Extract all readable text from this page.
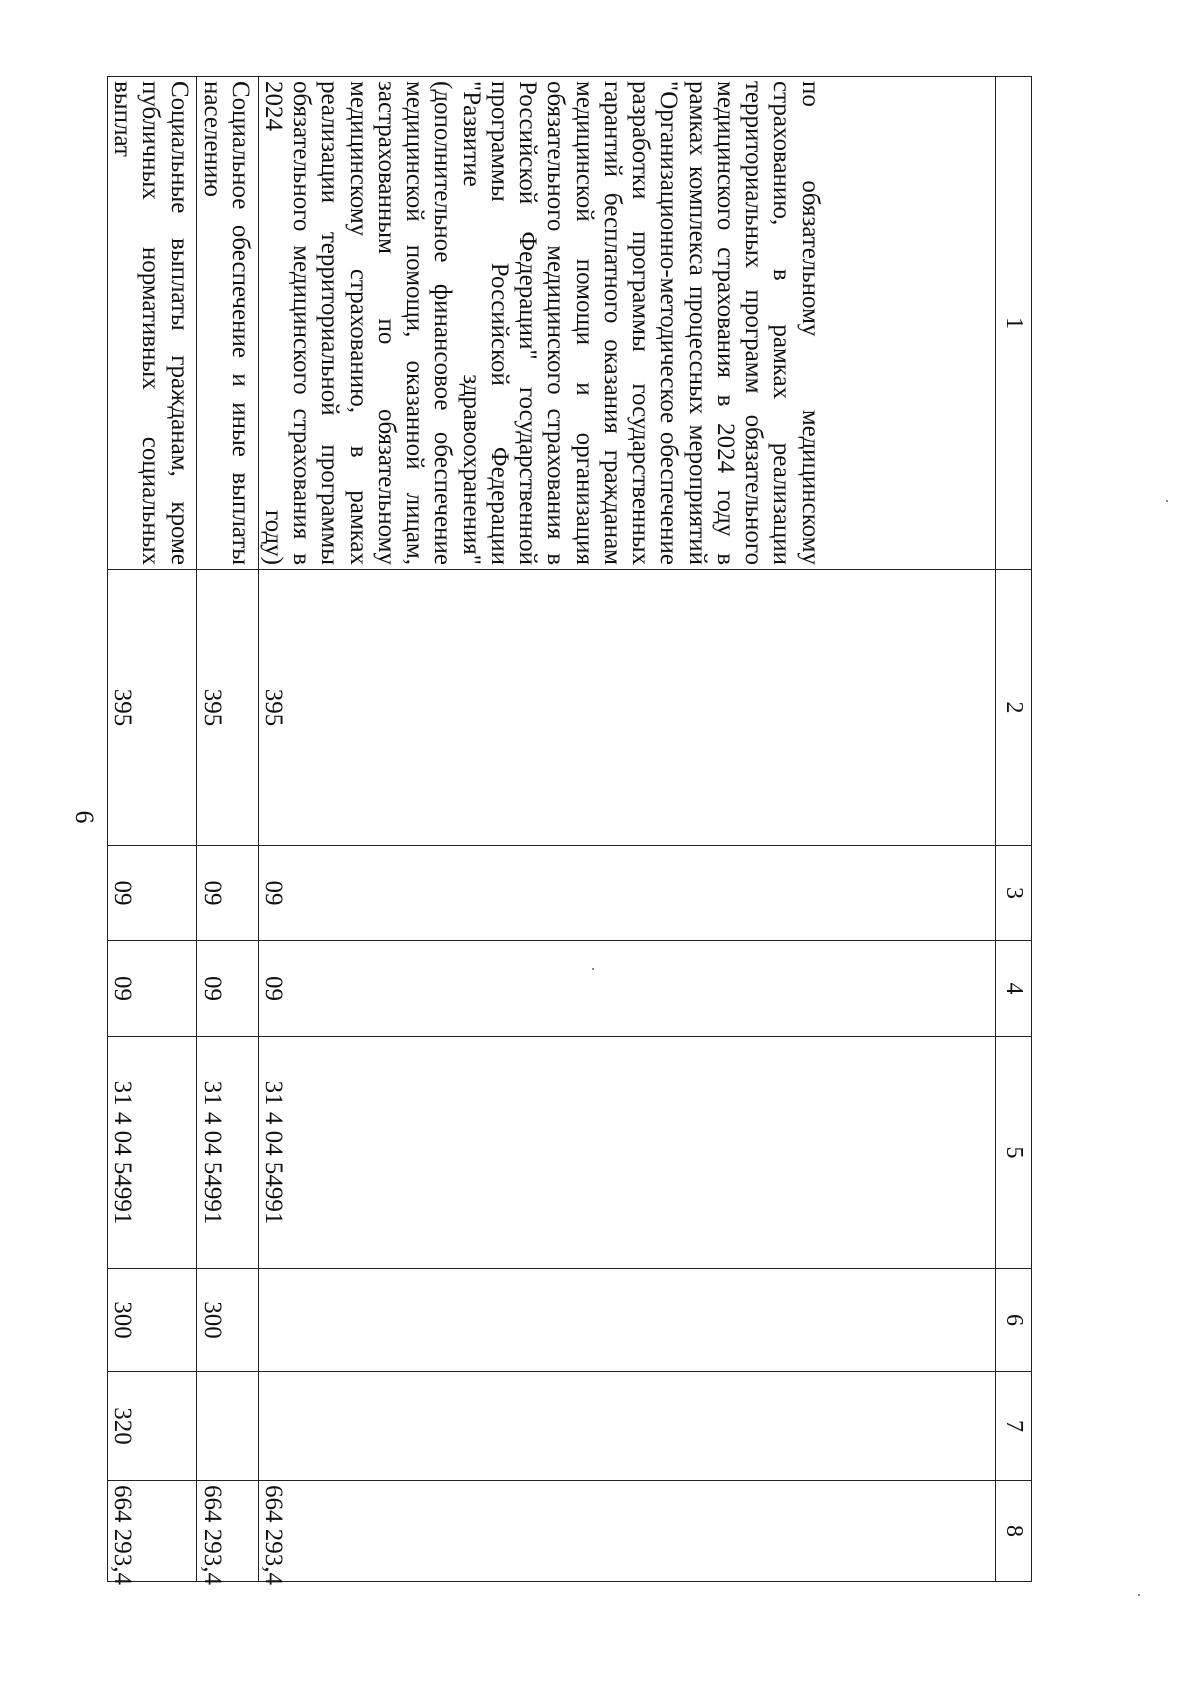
6
1	2	3	4	5	6	7	8
по обязательному медицинскому страхованию, в рамках реализации территориальных программ обязательного медицинского страхования в 2024 году в рамках комплекса процессных мероприятий "Организационно-методическое обеспечение разработки программы государственных гарантий бесплатного оказания гражданам медицинской помощи и организация обязательного медицинского страхования в Российской Федерации" государственной программы Российской Федерации "Развитие здравоохранения" (дополнительное финансовое обеспечение медицинской помощи, оказанной лицам, застрахованным по обязательному медицинскому страхованию, в рамках реализации территориальной программы обязательного медицинского страхования в 2024 году)	395	09	09	31 4 04 54991			664 293,4
Социальное обеспечение и иные выплаты населению	395	09	09	31 4 04 54991	300		664 293,4
Социальные выплаты гражданам, кроме публичных нормативных социальных выплат	395	09	09	31 4 04 54991	300	320	664 293,4
